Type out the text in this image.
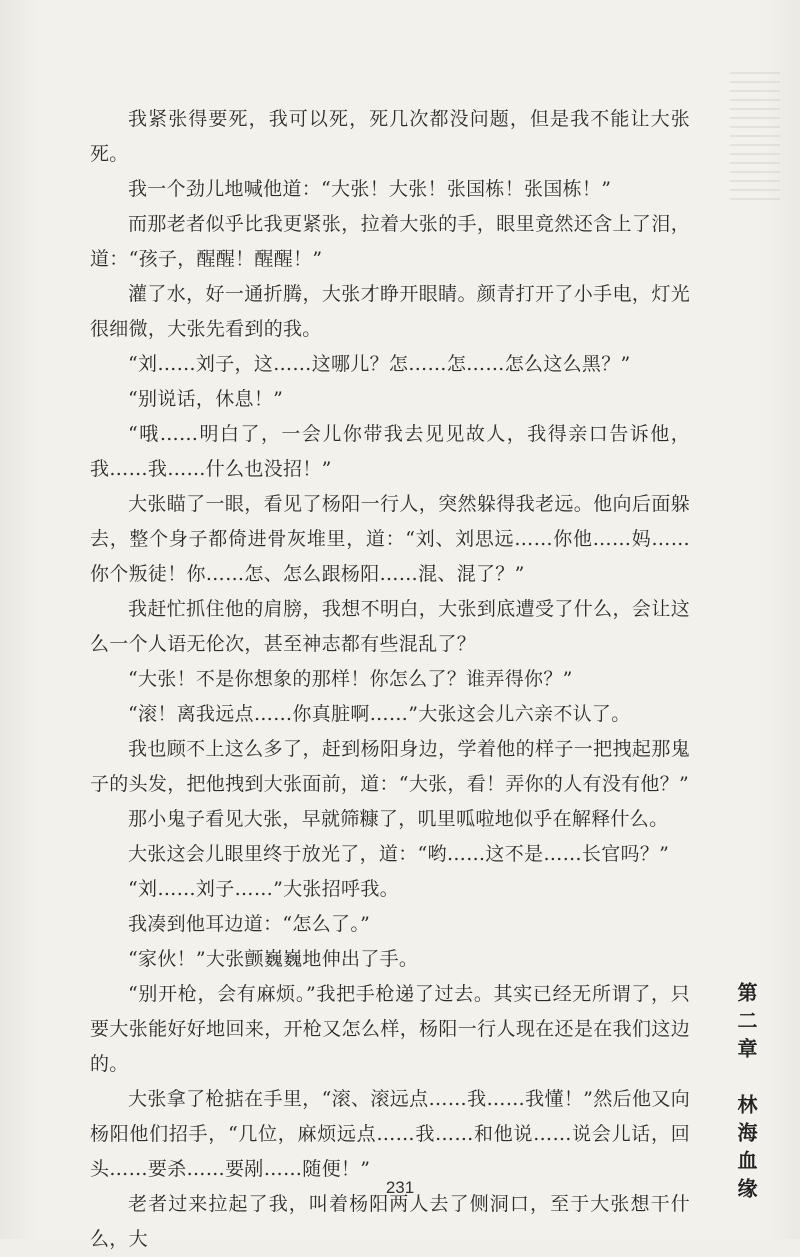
我紧张得要死，我可以死，死几次都没问题，但是我不能让大张死。

我一个劲儿地喊他道：“大张！大张！张国栋！张国栋！”

而那老者似乎比我更紧张，拉着大张的手，眼里竟然还含上了泪，道：“孩子，醒醒！醒醒！”

灌了水，好一通折腾，大张才睁开眼睛。颜青打开了小手电，灯光很细微，大张先看到的我。

“刘……刘子，这……这哪儿？怎……怎……怎么这么黑？”

“别说话，休息！”

“哦……明白了，一会儿你带我去见见故人，我得亲口告诉他，我……我……什么也没招！”

大张瞄了一眼，看见了杨阳一行人，突然躲得我老远。他向后面躲去，整个身子都倚进骨灰堆里，道：“刘、刘思远……你他……妈……你个叛徒！你……怎、怎么跟杨阳……混、混了？”

我赶忙抓住他的肩膀，我想不明白，大张到底遭受了什么，会让这么一个人语无伦次，甚至神志都有些混乱了？

“大张！不是你想象的那样！你怎么了？谁弄得你？”

“滚！离我远点……你真脏啊……”大张这会儿六亲不认了。

我也顾不上这么多了，赶到杨阳身边，学着他的样子一把拽起那鬼子的头发，把他拽到大张面前，道：“大张，看！弄你的人有没有他？”

那小鬼子看见大张，早就筛糠了，叽里呱啦地似乎在解释什么。

大张这会儿眼里终于放光了，道：“哟……这不是……长官吗？”

“刘……刘子……”大张招呼我。

我凑到他耳边道：“怎么了。”

“家伙！”大张颤巍巍地伸出了手。

“别开枪，会有麻烦。”我把手枪递了过去。其实已经无所谓了，只要大张能好好地回来，开枪又怎么样，杨阳一行人现在还是在我们这边的。

大张拿了枪掂在手里，“滚、滚远点……我……我懂！”然后他又向杨阳他们招手，“几位，麻烦远点……我……和他说……说会儿话，回头……要杀……要剐……随便！”

老者过来拉起了我，叫着杨阳两人去了侧洞口，至于大张想干什么，大

第二章　林海血缘
231
